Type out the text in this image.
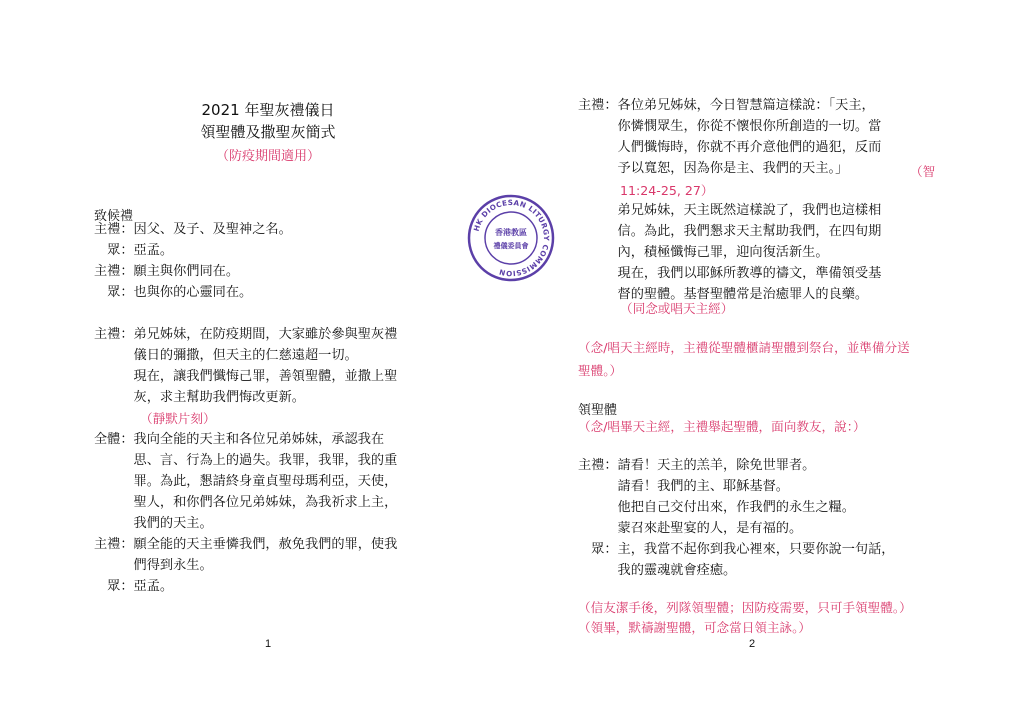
2021 年聖灰禮儀日
領聖體及撒聖灰簡式
（防疫期間適用）
致候禮
主禮：因父、及子、及聖神之名。
　眾：亞孟。
主禮：願主與你們同在。
　眾：也與你的心靈同在。
主禮：弟兄姊妹，在防疫期間，大家雖於參與聖灰禮
　　　儀日的彌撒，但天主的仁慈遠超一切。
　　　現在，讓我們懺悔己罪，善領聖體，並撒上聖
　　　灰，求主幫助我們悔改更新。
（靜默片刻）
全體：我向全能的天主和各位兄弟姊妹，承認我在
　　　思、言、行為上的過失。我罪，我罪，我的重
　　　罪。為此，懇請終身童貞聖母瑪利亞，天使，
　　　聖人，和你們各位兄弟姊妹，為我祈求上主，
　　　我們的天主。
主禮：願全能的天主垂憐我們，赦免我們的罪，使我
　　　們得到永生。
　眾：亞孟。
1
HK DIOCESAN LITURGY COMMISSION
香港教區
禮儀委員會
主禮：各位弟兄姊妹，今日智慧篇這樣說：「天主，
　　　你憐憫眾生，你從不懷恨你所創造的一切。當
　　　人們懺悔時，你就不再介意他們的過犯，反而
　　　予以寬恕，因為你是主、我們的天主。」	（智
11:24-25, 27）
　　　弟兄姊妹，天主既然這樣說了，我們也這樣相
　　　信。為此，我們懇求天主幫助我們，在四旬期
　　　內，積極懺悔己罪，迎向復活新生。
　　　現在，我們以耶穌所教導的禱文，準備領受基
　　　督的聖體。基督聖體常是治癒罪人的良藥。
（同念或唱天主經）
（念/唱天主經時，主禮從聖體櫃請聖體到祭台，並準備分送
聖體。）
領聖體
（念/唱畢天主經，主禮舉起聖體，面向教友，說：）
主禮：請看！天主的羔羊，除免世罪者。
　　　請看！我們的主、耶穌基督。
　　　他把自己交付出來，作我們的永生之糧。
　　　蒙召來赴聖宴的人，是有福的。
　眾：主，我當不起你到我心裡來，只要你說一句話，
　　　我的靈魂就會痊癒。
（信友潔手後，列隊領聖體；因防疫需要，只可手領聖體。）
（領畢，默禱謝聖體，可念當日領主詠。）
2
